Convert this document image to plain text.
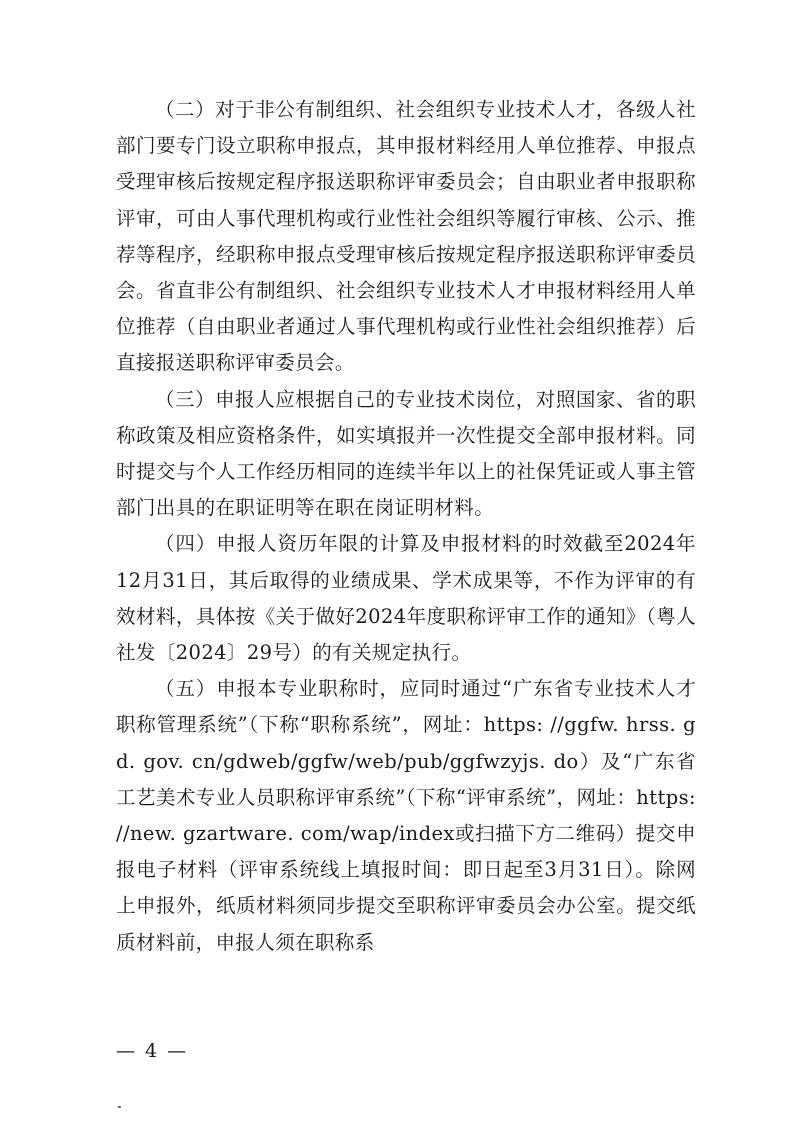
（二）对于非公有制组织、社会组织专业技术人才，各级人社部门要专门设立职称申报点，其申报材料经用人单位推荐、申报点受理审核后按规定程序报送职称评审委员会；自由职业者申报职称评审，可由人事代理机构或行业性社会组织等履行审核、公示、推荐等程序，经职称申报点受理审核后按规定程序报送职称评审委员会。省直非公有制组织、社会组织专业技术人才申报材料经用人单位推荐（自由职业者通过人事代理机构或行业性社会组织推荐）后直接报送职称评审委员会。

（三）申报人应根据自己的专业技术岗位，对照国家、省的职称政策及相应资格条件，如实填报并一次性提交全部申报材料。同时提交与个人工作经历相同的连续半年以上的社保凭证或人事主管部门出具的在职证明等在职在岗证明材料。

（四）申报人资历年限的计算及申报材料的时效截至2024年12月31日，其后取得的业绩成果、学术成果等，不作为评审的有效材料，具体按《关于做好2024年度职称评审工作的通知》（粤人社发〔2024〕29号）的有关规定执行。

（五）申报本专业职称时，应同时通过“广东省专业技术人才职称管理系统”（下称“职称系统”，网址：https: //ggfw. hrss. gd. gov. cn/gdweb/ggfw/web/pub/ggfwzyjs. do）及“广东省工艺美术专业人员职称评审系统”（下称“评审系统”，网址：https: //new. gzartware. com/wap/index或扫描下方二维码）提交申报电子材料（评审系统线上填报时间：即日起至3月31日）。除网上申报外，纸质材料须同步提交至职称评审委员会办公室。提交纸质材料前，申报人须在职称系

— 4 —
